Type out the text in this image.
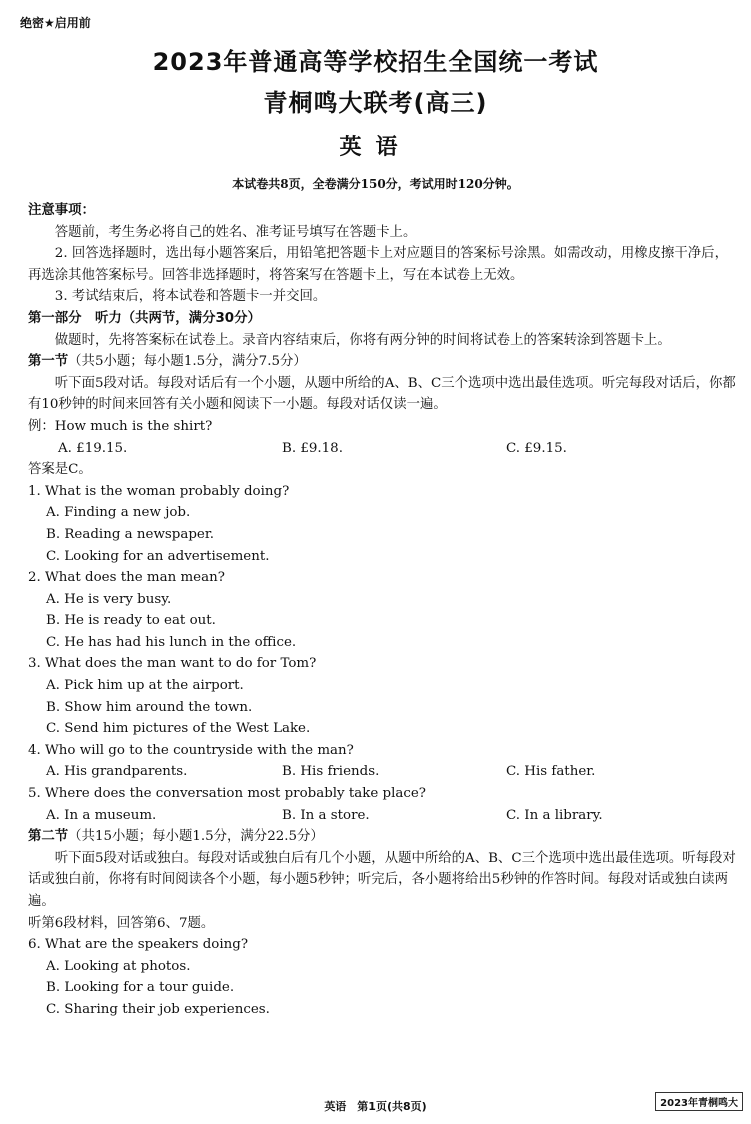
绝密★启用前
2023年普通高等学校招生全国统一考试
青桐鸣大联考(高三)
英语
本试卷共8页，全卷满分150分，考试用时120分钟。

注意事项：

答题前，考生务必将自己的姓名、准考证号填写在答题卡上。

2. 回答选择题时，选出每小题答案后，用铅笔把答题卡上对应题目的答案标号涂黑。如需改动，用橡皮擦干净后，再选涂其他答案标号。回答非选择题时，将答案写在答题卡上，写在本试卷上无效。

3. 考试结束后，将本试卷和答题卡一并交回。

第一部分　听力（共两节，满分30分）

做题时，先将答案标在试卷上。录音内容结束后，你将有两分钟的时间将试卷上的答案转涂到答题卡上。

第一节（共5小题；每小题1.5分，满分7.5分）

听下面5段对话。每段对话后有一个小题，从题中所给的A、B、C三个选项中选出最佳选项。听完每段对话后，你都有10秒钟的时间来回答有关小题和阅读下一小题。每段对话仅读一遍。

例：How much is the shirt?

A. £19.15.	B. £9.18.	C. £9.15.

答案是C。

1. What is the woman probably doing?

A. Finding a new job.

B. Reading a newspaper.

C. Looking for an advertisement.

2. What does the man mean?

A. He is very busy.

B. He is ready to eat out.

C. He has had his lunch in the office.

3. What does the man want to do for Tom?

A. Pick him up at the airport.

B. Show him around the town.

C. Send him pictures of the West Lake.

4. Who will go to the countryside with the man?

A. His grandparents.	B. His friends.	C. His father.

5. Where does the conversation most probably take place?

A. In a museum.	B. In a store.	C. In a library.

第二节（共15小题；每小题1.5分，满分22.5分）

听下面5段对话或独白。每段对话或独白后有几个小题，从题中所给的A、B、C三个选项中选出最佳选项。听每段对话或独白前，你将有时间阅读各个小题，每小题5秒钟；听完后，各小题将给出5秒钟的作答时间。每段对话或独白读两遍。

听第6段材料，回答第6、7题。

6. What are the speakers doing?

A. Looking at photos.

B. Looking for a tour guide.

C. Sharing their job experiences.

英语　第1页(共8页)	2023年青桐鸣大
